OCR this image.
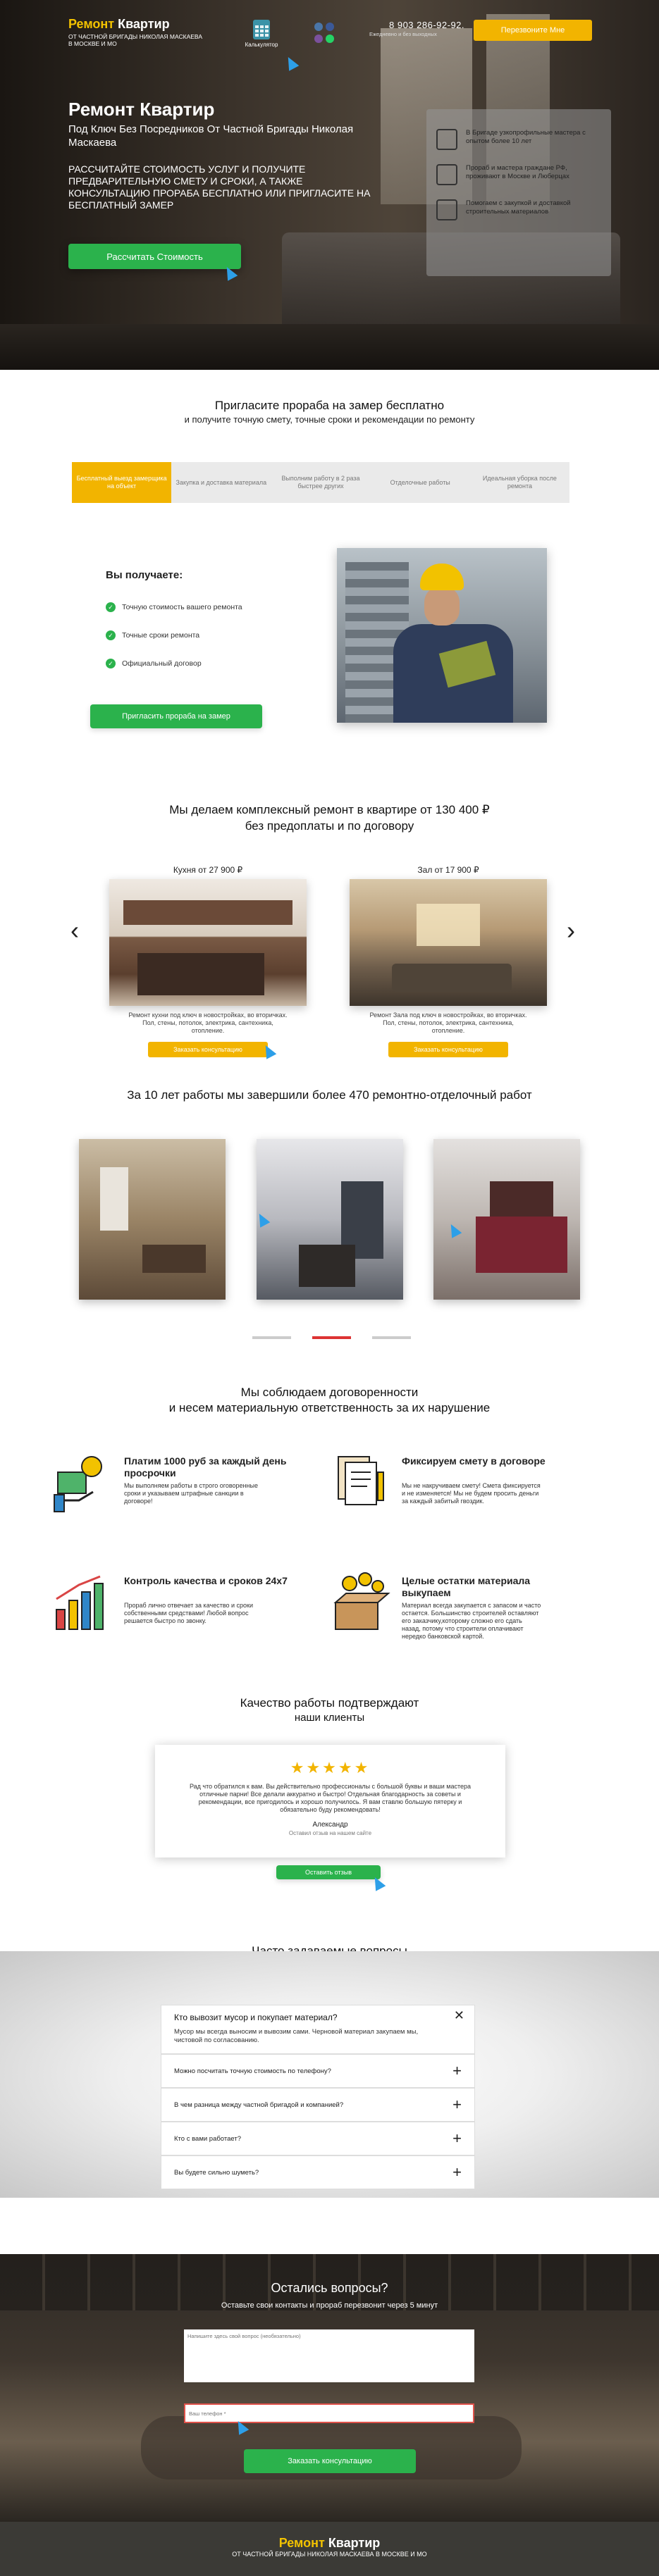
Ремонт Квартир
ОТ ЧАСТНОЙ БРИГАДЫ НИКОЛАЯ МАСКАЕВА В МОСКВЕ И МО	Калькулятор
8 903 286-92-92.
Ежедневно и без выходных	Перезвоните Мне
Ремонт Квартир
Под Ключ Без Посредников От Частной Бригады Николая Маскаева
РАССЧИТАЙТЕ СТОИМОСТЬ УСЛУГ И ПОЛУЧИТЕ ПРЕДВАРИТЕЛЬНУЮ СМЕТУ И СРОКИ, А ТАКЖЕ КОНСУЛЬТАЦИЮ ПРОРАБА БЕСПЛАТНО ИЛИ ПРИГЛАСИТЕ НА БЕСПЛАТНЫЙ ЗАМЕР
Рассчитать Стоимость
В Бригаде узкопрофильные мастера с опытом более 10 лет
Прораб и мастера граждане РФ, проживают в Москве и Люберцах
Помогаем с закупкой и доставкой строительных материалов
Пригласите прораба на замер бесплатно
и получите точную смету, точные сроки и рекомендации по ремонту
Бесплатный выезд замерщика на объект
Закупка и доставка материала
Выполним работу в 2 раза быстрее других
Отделочные работы
Идеальная уборка после ремонта
Вы получаете:
✓	Точную стоимость вашего ремонта
✓	Точные сроки ремонта
✓	Официальный договор
Пригласить прораба на замер
Мы делаем комплексный ремонт в квартире от 130 400 ₽
без предоплаты и по договору
‹	›
Кухня от 27 900 ₽
Ремонт кухни под ключ в новостройках, во вторичках. Пол, стены, потолок, электрика, сантехника, отопление.
Заказать консультацию
Зал от 17 900 ₽
Ремонт Зала под ключ в новостройках, во вторичках. Пол, стены, потолок, электрика, сантехника, отопление.
Заказать консультацию
За 10 лет работы мы завершили более 470 ремонтно-отделочный работ
Мы соблюдаем договоренности
и несем материальную ответственность за их нарушение
Платим 1000 руб за каждый день просрочки
Мы выполняем работы в строго оговоренные сроки и указываем штрафные санкции в договоре!
Фиксируем смету в договоре
Мы не накручиваем смету! Смета фиксируется и не изменяется! Мы не будем просить деньги за каждый забитый гвоздик.
Контроль качества и сроков 24х7
Прораб лично отвечает за качество и сроки собственными средствами! Любой вопрос решается быстро по звонку.
Целые остатки материала выкупаем
Материал всегда закупается с запасом и часто остается. Большинство строителей оставляют его заказчику,которому сложно его сдать назад, потому что строители оплачивают нередко банковской картой.
Качество работы подтверждают
наши клиенты
★★★★★
Рад что обратился к вам. Вы действительно профессионалы с большой буквы и ваши мастера отличные парни! Все делали аккуратно и быстро! Отдельная благодарность за советы и рекомендации, все пригодилось и хорошо получилось. Я вам ставлю большую пятерку и обязательно буду рекомендовать!
Александр
Оставил отзыв на нашем сайте
Оставить отзыв
Кто вывозит мусор и покупает материал?
Мусор мы всегда выносим и вывозим сами. Черновой материал закупаем мы, чистовой по согласованию.
✕
Можно посчитать точную стоимость по телефону?	+
В чем разница между частной бригадой и компанией?	+
Кто с вами работает?	+
Вы будете сильно шуметь?	+
Остались вопросы?
Оставьте свои контакты и прораб перезвонит через 5 минут
Напишите здесь свой вопрос (необязательно)
Ваш телефон *
Заказать консультацию
Ремонт Квартир
ОТ ЧАСТНОЙ БРИГАДЫ НИКОЛАЯ МАСКАЕВА В МОСКВЕ И МО
